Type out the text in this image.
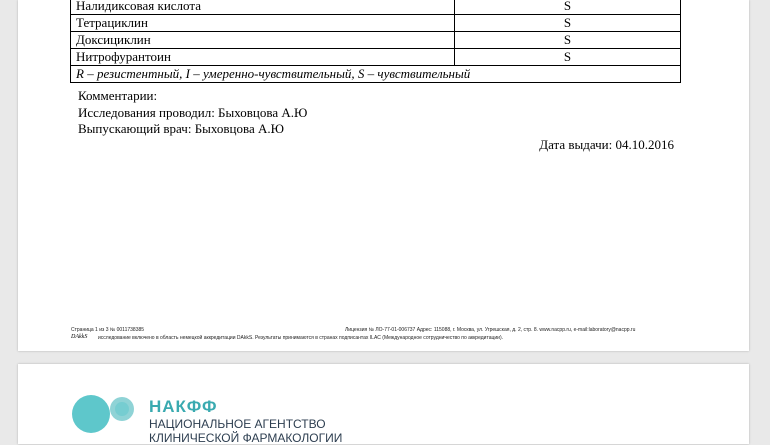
Налидиксовая кислота	S
Тетрациклин	S
Доксициклин	S
Нитрофурантоин	S
R – резистентный, I – умеренно-чувствительный, S – чувствительный	
Комментарии:
Исследования проводил: Быховцова А.Ю
Выпускающий врач: Быховцова А.Ю
Дата выдачи: 04.10.2016
Страница 1 из 3 № 0011738385	Лицензия № ЛО-77-01-006737 Адрес: 115088, г. Москва, ул. Угрешская, д. 2, стр. 8. www.nacpp.ru, e-mail:laboratory@nacpp.ru
DAkkS исследование включено в область немецкой аккредитации DAkkS. Результаты принимаются в странах подписантах ILAC (Международное сотрудничество по аккредитации).
НАКФФ
НАЦИОНАЛЬНОЕ АГЕНТСТВО
КЛИНИЧЕСКОЙ ФАРМАКОЛОГИИ
